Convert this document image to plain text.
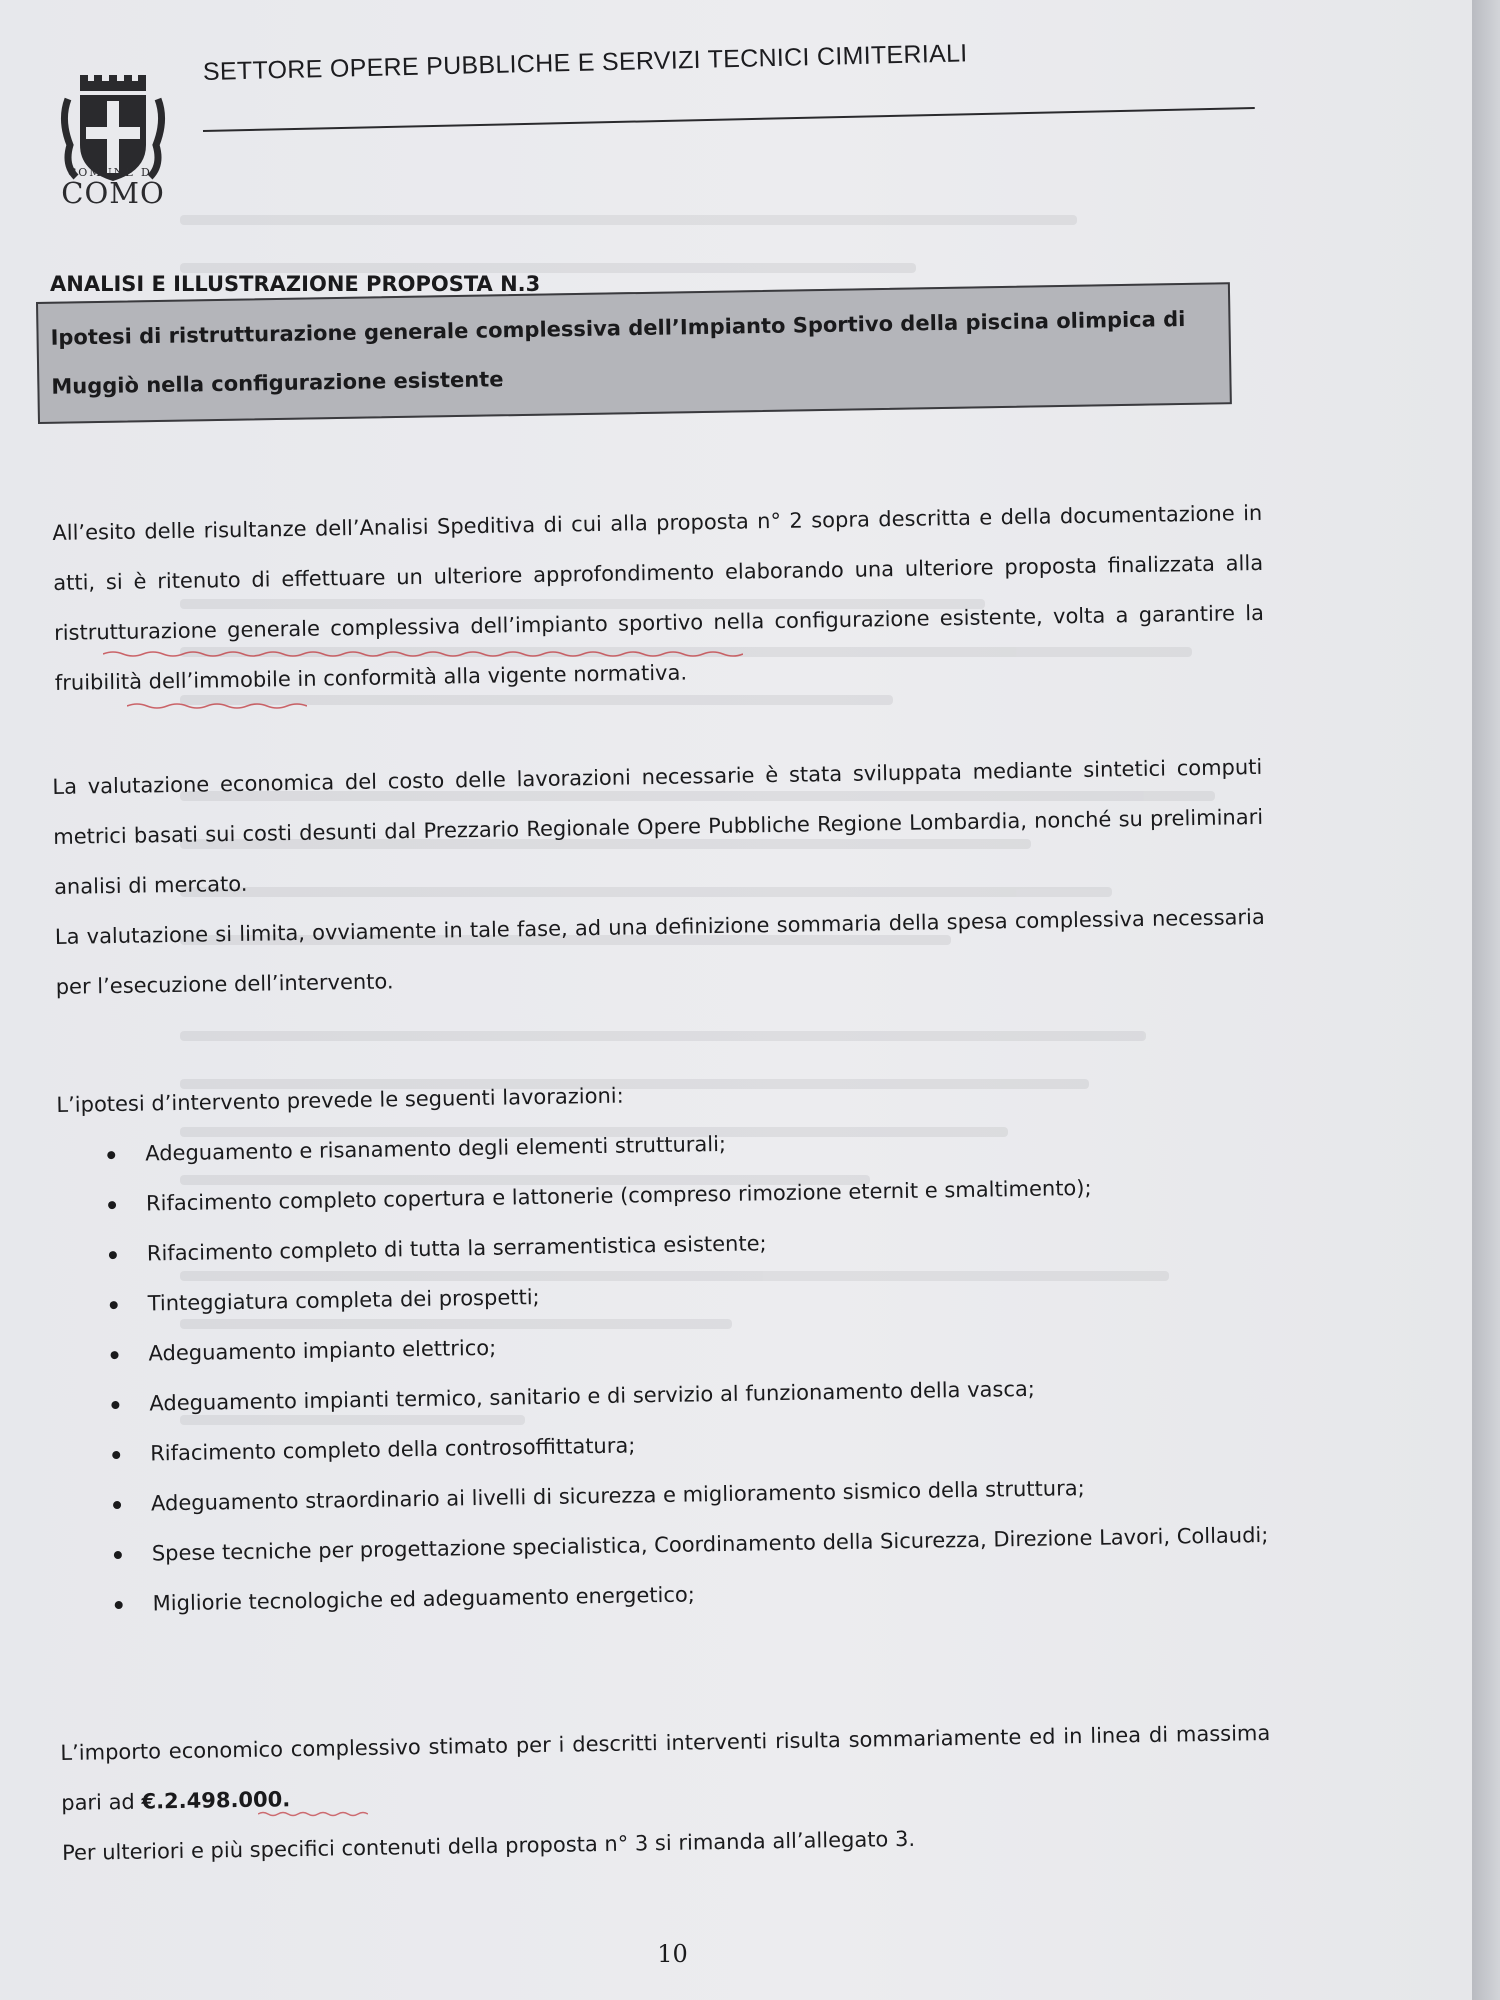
COMUNE DI
COMO
SETTORE OPERE PUBBLICHE E SERVIZI TECNICI CIMITERIALI
ANALISI E ILLUSTRAZIONE PROPOSTA N.3
Ipotesi di ristrutturazione generale complessiva dell’Impianto Sportivo della piscina olimpica di
Muggiò nella configurazione esistente

All’esito delle risultanze dell’Analisi Speditiva di cui alla proposta n° 2 sopra descritta e della documentazione in atti, si è ritenuto di effettuare un ulteriore approfondimento elaborando una ulteriore proposta finalizzata alla ristrutturazione generale complessiva dell’impianto sportivo nella configurazione esistente, volta a garantire la fruibilità dell’immobile in conformità alla vigente normativa.

La valutazione economica del costo delle lavorazioni necessarie è stata sviluppata mediante sintetici computi metrici basati sui costi desunti dal Prezzario Regionale Opere Pubbliche Regione Lombardia, nonché su preliminari analisi di mercato.

La valutazione si limita, ovviamente in tale fase, ad una definizione sommaria della spesa complessiva necessaria per l’esecuzione dell’intervento.

L’ipotesi d’intervento prevede le seguenti lavorazioni:

Adeguamento e risanamento degli elementi strutturali;
Rifacimento completo copertura e lattonerie (compreso rimozione eternit e smaltimento);
Rifacimento completo di tutta la serramentistica esistente;
Tinteggiatura completa dei prospetti;
Adeguamento impianto elettrico;
Adeguamento impianti termico, sanitario e di servizio al funzionamento della vasca;
Rifacimento completo della controsoffittatura;
Adeguamento straordinario ai livelli di sicurezza e miglioramento sismico della struttura;
Spese tecniche per progettazione specialistica, Coordinamento della Sicurezza, Direzione Lavori, Collaudi;
Migliorie tecnologiche ed adeguamento energetico;

L’importo economico complessivo stimato per i descritti interventi risulta sommariamente ed in linea di massima pari ad €.2.498.000.

Per ulteriori e più specifici contenuti della proposta n° 3 si rimanda all’allegato 3.

10
